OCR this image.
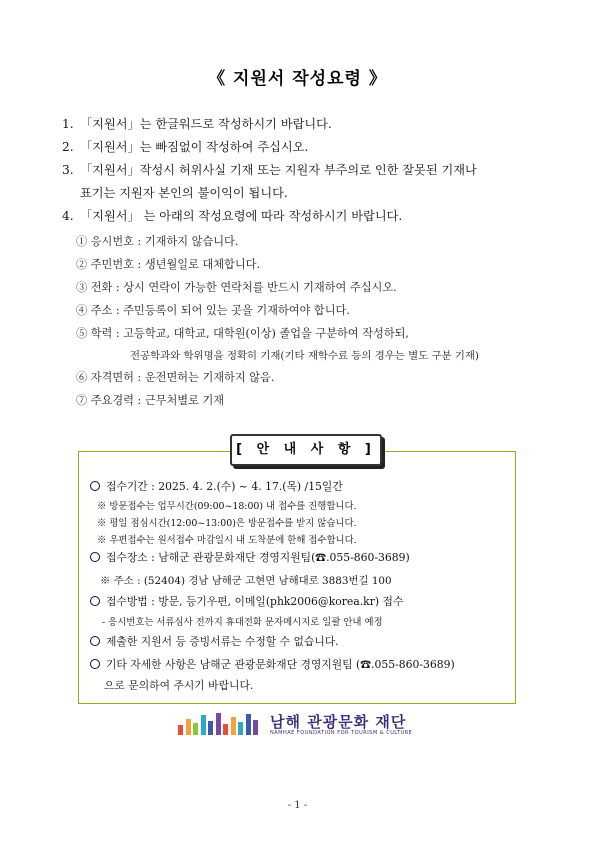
《 지원서 작성요령 》
1. 「지원서」는 한글워드로 작성하시기 바랍니다.
2. 「지원서」는 빠짐없이 작성하여 주십시오.
3. 「지원서」작성시 허위사실 기재 또는 지원자 부주의로 인한 잘못된 기재나
표기는 지원자 본인의 불이익이 됩니다.
4. 「지원서」 는 아래의 작성요령에 따라 작성하시기 바랍니다.
① 응시번호 : 기재하지 않습니다.
② 주민번호 : 생년월일로 대체합니다.
③ 전화 : 상시 연락이 가능한 연락처를 반드시 기재하여 주십시오.
④ 주소 : 주민등록이 되어 있는 곳을 기재하여야 합니다.
⑤ 학력 : 고등학교, 대학교, 대학원(이상) 졸업을 구분하여 작성하되,
전공학과와 학위명을 정확히 기재(기타 재학수료 등의 경우는 별도 구분 기재)
⑥ 자격면허 : 운전면허는 기재하지 않음.
⑦ 주요경력 : 근무처별로 기재
[ 안 내 사 항 ]
접수기간 : 2025. 4. 2.(수) ~ 4. 17.(목) /15일간
※ 방문접수는 업무시간(09:00~18:00) 내 접수를 진행합니다.
※ 평일 점심시간(12:00~13:00)은 방문접수를 받지 않습니다.
※ 우편접수는 원서접수 마감일시 내 도착분에 한해 접수합니다.
접수장소 : 남해군 관광문화재단 경영지원팀(☎.055-860-3689)
※ 주소 : (52404) 경남 남해군 고현면 남해대로 3883번길 100
접수방법 : 방문, 등기우편, 이메일(phk2006@korea.kr) 접수
- 응시번호는 서류심사 전까지 휴대전화 문자메시지로 일괄 안내 예정
제출한 지원서 등 증빙서류는 수정할 수 없습니다.
기타 자세한 사항은 남해군 관광문화재단 경영지원팀 (☎.055-860-3689)
으로 문의하여 주시기 바랍니다.
남해 관광문화 재단
NAMHAE FOUNDATION FOR TOURISM & CULTURE
- 1 -
